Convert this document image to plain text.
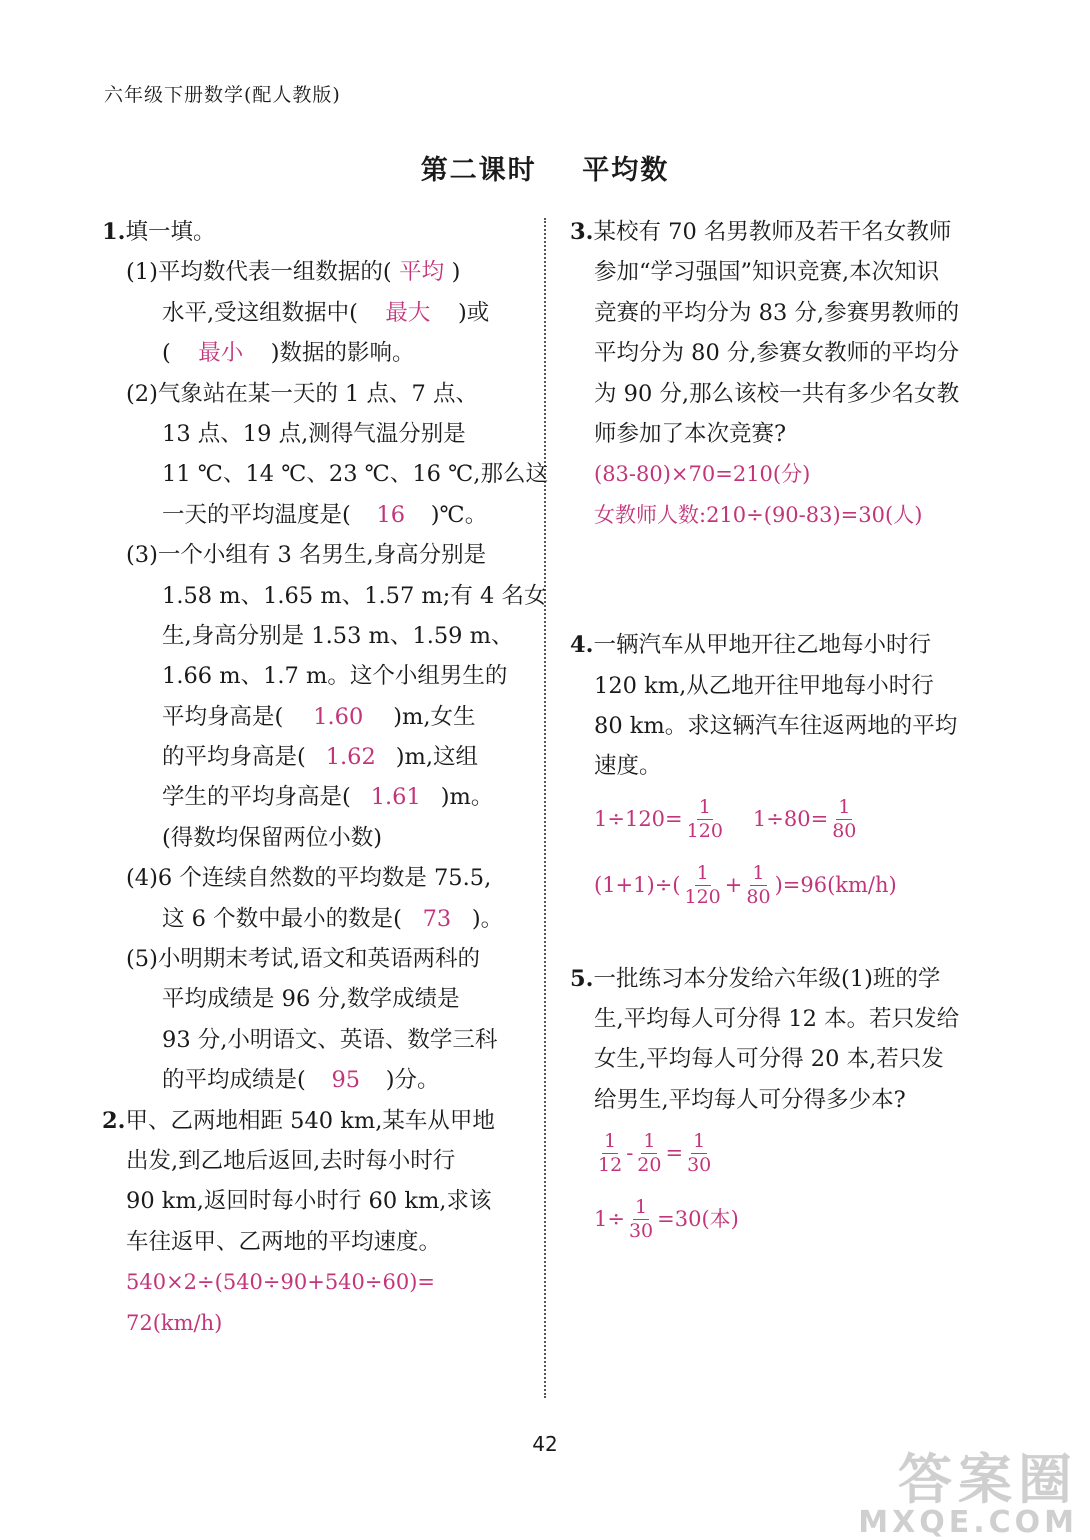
六年级下册数学(配人教版)
第二课时    平均数
1.填一填。
(1)平均数代表一组数据的( 平均 )
水平,受这组数据中( 最大 )或
( 最小 )数据的影响。
(2)气象站在某一天的 1 点、7 点、
13 点、19 点,测得气温分别是
11 ℃、14 ℃、23 ℃、16 ℃,那么这
一天的平均温度是( 16 )℃。
(3)一个小组有 3 名男生,身高分别是
1.58 m、1.65 m、1.57 m;有 4 名女
生,身高分别是 1.53 m、1.59 m、
1.66 m、1.7 m。这个小组男生的
平均身高是( 1.60 )m,女生
的平均身高是( 1.62 )m,这组
学生的平均身高是( 1.61 )m。
(得数均保留两位小数)
(4)6 个连续自然数的平均数是 75.5,
这 6 个数中最小的数是( 73 )。
(5)小明期末考试,语文和英语两科的
平均成绩是 96 分,数学成绩是
93 分,小明语文、英语、数学三科
的平均成绩是( 95 )分。
2.甲、乙两地相距 540 km,某车从甲地
出发,到乙地后返回,去时每小时行
90 km,返回时每小时行 60 km,求该
车往返甲、乙两地的平均速度。
540×2÷(540÷90+540÷60)=
72(km/h)
3.某校有 70 名男教师及若干名女教师
参加“学习强国”知识竞赛,本次知识
竞赛的平均分为 83 分,参赛男教师的
平均分为 80 分,参赛女教师的平均分
为 90 分,那么该校一共有多少名女教
师参加了本次竞赛?
(83-80)×70=210(分)
女教师人数:210÷(90-83)=30(人)
4.一辆汽车从甲地开往乙地每小时行
120 km,从乙地开往甲地每小时行
80 km。求这辆汽车往返两地的平均
速度。
$1\div 120= \frac{1}{120} 1\div 80= \frac{1}{80}$
$(1+1)\div( \frac{1}{120} + \frac{1}{80} )=96(km/h)$
5.一批练习本分发给六年级(1)班的学
生,平均每人可分得 12 本。若只发给
女生,平均每人可分得 20 本,若只发
给男生,平均每人可分得多少本?
$\frac{1}{12} - \frac{1}{20} = \frac{1}{30}$
$1\div \frac{1}{30} =30$(本)
42
答案圈
MXQE.COM
